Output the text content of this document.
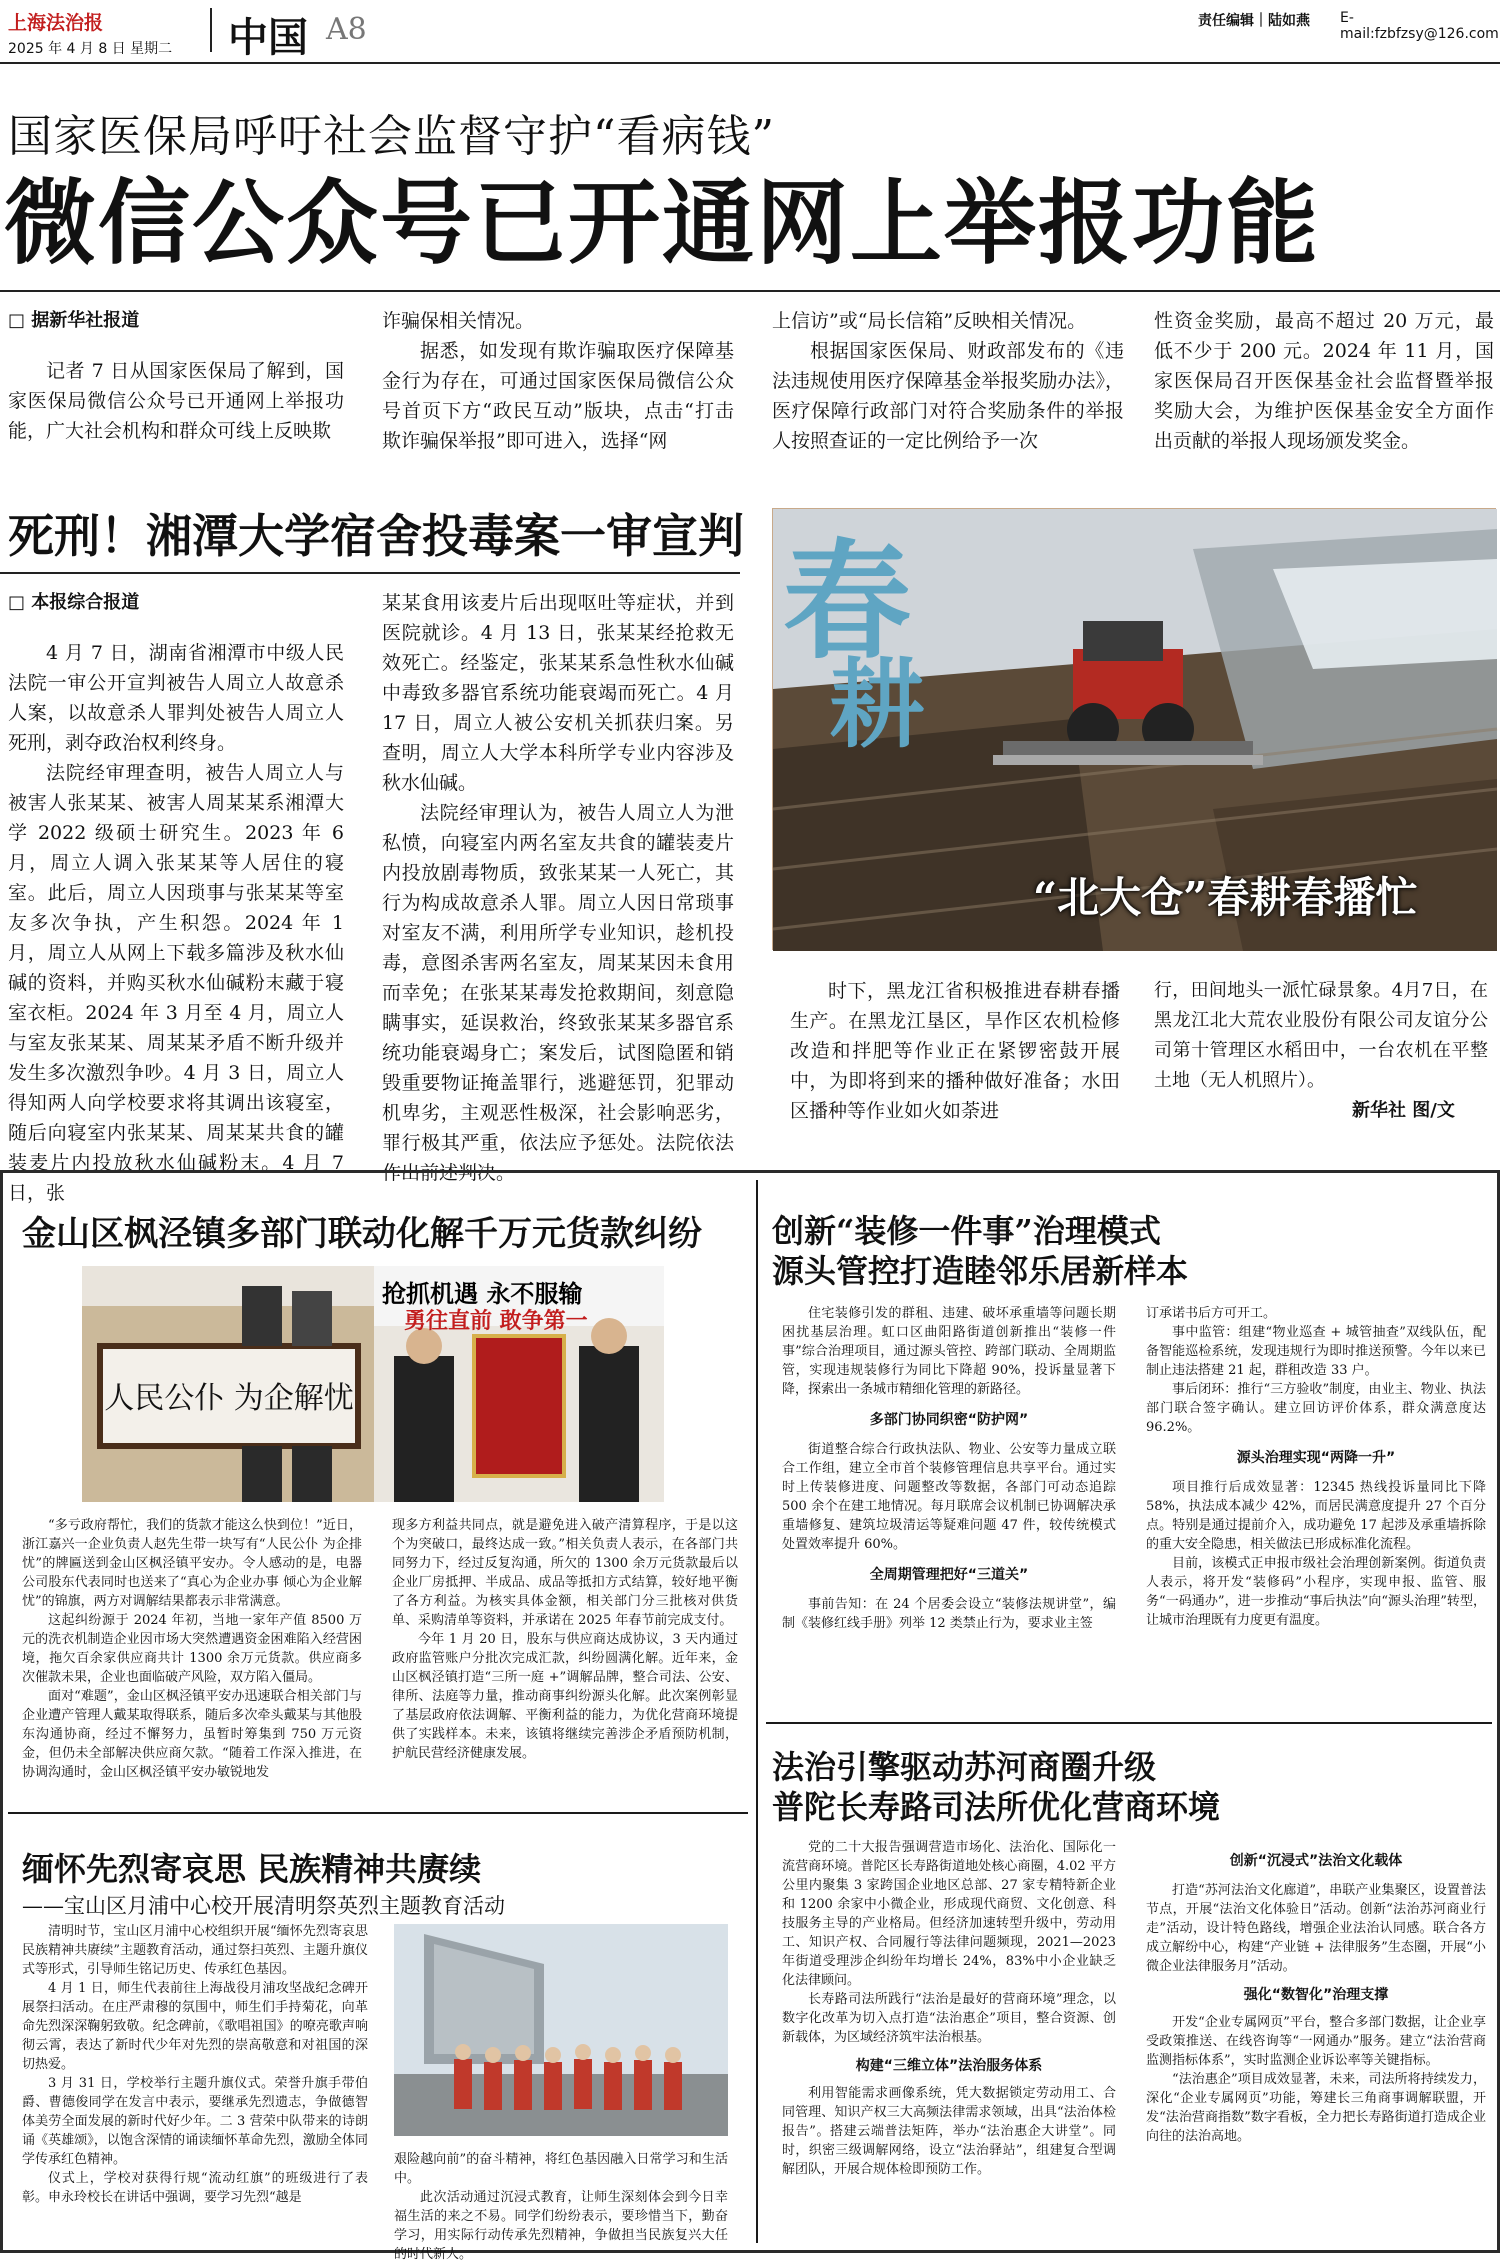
上海法治报
2025 年 4 月 8 日 星期二 中国 A8	责任编辑｜陆如燕 E-mail:fzbfzsy@126.com
国家医保局呼吁社会监督守护“看病钱”
微信公众号已开通网上举报功能
□ 据新华社报道
记者 7 日从国家医保局了解到，国家医保局微信公众号已开通网上举报功能，广大社会机构和群众可线上反映欺
诈骗保相关情况。
据悉，如发现有欺诈骗取医疗保障基金行为存在，可通过国家医保局微信公众号首页下方“政民互动”版块，点击“打击欺诈骗保举报”即可进入，选择“网
上信访”或“局长信箱”反映相关情况。
根据国家医保局、财政部发布的《违法违规使用医疗保障基金举报奖励办法》，医疗保障行政部门对符合奖励条件的举报人按照查证的一定比例给予一次
性资金奖励，最高不超过 20 万元，最低不少于 200 元。2024 年 11 月，国家医保局召开医保基金社会监督暨举报奖励大会，为维护医保基金安全方面作出贡献的举报人现场颁发奖金。
死刑！湘潭大学宿舍投毒案一审宣判
□ 本报综合报道
4 月 7 日，湖南省湘潭市中级人民法院一审公开宣判被告人周立人故意杀人案，以故意杀人罪判处被告人周立人死刑，剥夺政治权利终身。
法院经审理查明，被告人周立人与被害人张某某、被害人周某某系湘潭大学 2022 级硕士研究生。2023 年 6 月，周立人调入张某某等人居住的寝室。此后，周立人因琐事与张某某等室友多次争执，产生积怨。2024 年 1 月，周立人从网上下载多篇涉及秋水仙碱的资料，并购买秋水仙碱粉末藏于寝室衣柜。2024 年 3 月至 4 月，周立人与室友张某某、周某某矛盾不断升级并发生多次激烈争吵。4 月 3 日，周立人得知两人向学校要求将其调出该寝室，随后向寝室内张某某、周某某共食的罐装麦片内投放秋水仙碱粉末。4 月 7 日，张
某某食用该麦片后出现呕吐等症状，并到医院就诊。4 月 13 日，张某某经抢救无效死亡。经鉴定，张某某系急性秋水仙碱中毒致多器官系统功能衰竭而死亡。4 月 17 日，周立人被公安机关抓获归案。另查明，周立人大学本科所学专业内容涉及秋水仙碱。
法院经审理认为，被告人周立人为泄私愤，向寝室内两名室友共食的罐装麦片内投放剧毒物质，致张某某一人死亡，其行为构成故意杀人罪。周立人因日常琐事对室友不满，利用所学专业知识，趁机投毒，意图杀害两名室友，周某某因未食用而幸免；在张某某毒发抢救期间，刻意隐瞒事实，延误救治，终致张某某多器官系统功能衰竭身亡；案发后，试图隐匿和销毁重要物证掩盖罪行，逃避惩罚，犯罪动机卑劣，主观恶性极深，社会影响恶劣，罪行极其严重，依法应予惩处。法院依法作出前述判决。
春
耕
“北大仓”春耕春播忙
时下，黑龙江省积极推进春耕春播生产。在黑龙江垦区，旱作区农机检修改造和拌肥等作业正在紧锣密鼓开展中，为即将到来的播种做好准备；水田区播种等作业如火如荼进
行，田间地头一派忙碌景象。4月7日，在黑龙江北大荒农业股份有限公司友谊分公司第十管理区水稻田中，一台农机在平整土地（无人机照片）。
新华社 图/文
金山区枫泾镇多部门联动化解千万元货款纠纷
人民公仆 为企解忧
抢抓机遇 永不服输
勇往直前 敢争第一

“多亏政府帮忙，我们的货款才能这么快到位！”近日，浙江嘉兴一企业负责人赵先生带一块写有“人民公仆 为企排忧”的牌匾送到金山区枫泾镇平安办。令人感动的是，电器公司股东代表同时也送来了“真心为企业办事 倾心为企业解忧”的锦旗，两方对调解结果都表示非常满意。

这起纠纷源于 2024 年初，当地一家年产值 8500 万元的洗衣机制造企业因市场大突然遭遇资金困难陷入经营困境，拖欠百余家供应商共计 1300 余万元货款。供应商多次催款未果，企业也面临破产风险，双方陷入僵局。

面对“难题”，金山区枫泾镇平安办迅速联合相关部门与企业遭产管理人戴某取得联系，随后多次牵头戴某与其他股东沟通协商，经过不懈努力，虽暂时筹集到 750 万元资金，但仍未全部解决供应商欠款。“随着工作深入推进，在协调沟通时，金山区枫泾镇平安办敏锐地发

现多方利益共同点，就是避免进入破产清算程序，于是以这个为突破口，最终达成一致。”相关负责人表示，在各部门共同努力下，经过反复沟通，所欠的 1300 余万元货款最后以企业厂房抵押、半成品、成品等抵扣方式结算，较好地平衡了各方利益。为核实具体金额，相关部门分三批核对供货单、采购清单等资料，并承诺在 2025 年春节前完成支付。

今年 1 月 20 日，股东与供应商达成协议，3 天内通过政府监管账户分批次完成汇款，纠纷圆满化解。近年来，金山区枫泾镇打造“三所一庭 +”调解品牌，整合司法、公安、律所、法庭等力量，推动商事纠纷源头化解。此次案例彰显了基层政府依法调解、平衡利益的能力，为优化营商环境提供了实践样本。未来，该镇将继续完善涉企矛盾预防机制，护航民营经济健康发展。

缅怀先烈寄哀思 民族精神共赓续
——宝山区月浦中心校开展清明祭英烈主题教育活动

清明时节，宝山区月浦中心校组织开展“缅怀先烈寄哀思 民族精神共赓续”主题教育活动，通过祭扫英烈、主题升旗仪式等形式，引导师生铭记历史、传承红色基因。

4 月 1 日，师生代表前往上海战役月浦攻坚战纪念碑开展祭扫活动。在庄严肃穆的氛围中，师生们手持菊花，向革命先烈深深鞠躬致敬。纪念碑前，《歌唱祖国》的嘹亮歌声响彻云霄，表达了新时代少年对先烈的崇高敬意和对祖国的深切热爱。

3 月 31 日，学校举行主题升旗仪式。荣誉升旗手带伯爵、曹德俊同学在发言中表示，要继承先烈遗志，争做德智体美劳全面发展的新时代好少年。二 3 营荣中队带来的诗朗诵《英雄颂》，以饱含深情的诵读缅怀革命先烈，激励全体同学传承红色精神。

仪式上，学校对获得行规“流动红旗”的班级进行了表彰。申永玲校长在讲话中强调，要学习先烈“越是

艰险越向前”的奋斗精神，将红色基因融入日常学习和生活中。

此次活动通过沉浸式教育，让师生深刻体会到今日幸福生活的来之不易。同学们纷纷表示，要珍惜当下，勤奋学习，用实际行动传承先烈精神，争做担当民族复兴大任的时代新人。

创新“装修一件事”治理模式
源头管控打造睦邻乐居新样本

住宅装修引发的群租、违建、破坏承重墙等问题长期困扰基层治理。虹口区曲阳路街道创新推出“装修一件事”综合治理项目，通过源头管控、跨部门联动、全周期监管，实现违规装修行为同比下降超 90%，投诉量显著下降，探索出一条城市精细化管理的新路径。

多部门协同织密“防护网”

街道整合综合行政执法队、物业、公安等力量成立联合工作组，建立全市首个装修管理信息共享平台。通过实时上传装修进度、问题整改等数据，各部门可动态追踪 500 余个在建工地情况。每月联席会议机制已协调解决承重墙修复、建筑垃圾清运等疑难问题 47 件，较传统模式处置效率提升 60%。

全周期管理把好“三道关”

事前告知：在 24 个居委会设立“装修法规讲堂”，编制《装修红线手册》列举 12 类禁止行为，要求业主签

订承诺书后方可开工。

事中监管：组建“物业巡查 + 城管抽查”双线队伍，配备智能巡检系统，发现违规行为即时推送预警。今年以来已制止违法搭建 21 起，群租改造 33 户。

事后闭环：推行“三方验收”制度，由业主、物业、执法部门联合签字确认。建立回访评价体系，群众满意度达 96.2%。

源头治理实现“两降一升”

项目推行后成效显著：12345 热线投诉量同比下降 58%，执法成本减少 42%，而居民满意度提升 27 个百分点。特别是通过提前介入，成功避免 17 起涉及承重墙拆除的重大安全隐患，相关做法已形成标准化流程。

目前，该模式正申报市级社会治理创新案例。街道负责人表示，将开发“装修码”小程序，实现申报、监管、服务“一码通办”，进一步推动“事后执法”向“源头治理”转型，让城市治理既有力度更有温度。

法治引擎驱动苏河商圈升级
普陀长寿路司法所优化营商环境

党的二十大报告强调营造市场化、法治化、国际化一流营商环境。普陀区长寿路街道地处核心商圈，4.02 平方公里内聚集 3 家跨国企业地区总部、27 家专精特新企业和 1200 余家中小微企业，形成现代商贸、文化创意、科技服务主导的产业格局。但经济加速转型升级中，劳动用工、知识产权、合同履行等法律问题频现，2021—2023 年街道受理涉企纠纷年均增长 24%，83%中小企业缺乏化法律顾问。

长寿路司法所践行“法治是最好的营商环境”理念，以数字化改革为切入点打造“法治惠企”项目，整合资源、创新载体，为区域经济筑牢法治根基。

构建“三维立体”法治服务体系

利用智能需求画像系统，凭大数据锁定劳动用工、合同管理、知识产权三大高频法律需求领域，出具“法治体检报告”。搭建云端普法矩阵，举办“法治惠企大讲堂”。同时，织密三级调解网络，设立“法治驿站”，组建复合型调解团队，开展合规体检即预防工作。

创新“沉浸式”法治文化载体

打造“苏河法治文化廊道”，串联产业集聚区，设置普法节点，开展“法治文化体验日”活动。创新“法治苏河商业行走”活动，设计特色路线，增强企业法治认同感。联合各方成立解纷中心，构建“产业链 + 法律服务”生态圈，开展“小微企业法律服务月”活动。

强化“数智化”治理支撑

开发“企业专属网页”平台，整合多部门数据，让企业享受政策推送、在线咨询等“一网通办”服务。建立“法治营商监测指标体系”，实时监测企业诉讼率等关键指标。

“法治惠企”项目成效显著，未来，司法所将持续发力，深化“企业专属网页”功能，筹建长三角商事调解联盟，开发“法治营商指数”数字看板，全力把长寿路街道打造成企业向往的法治高地。
